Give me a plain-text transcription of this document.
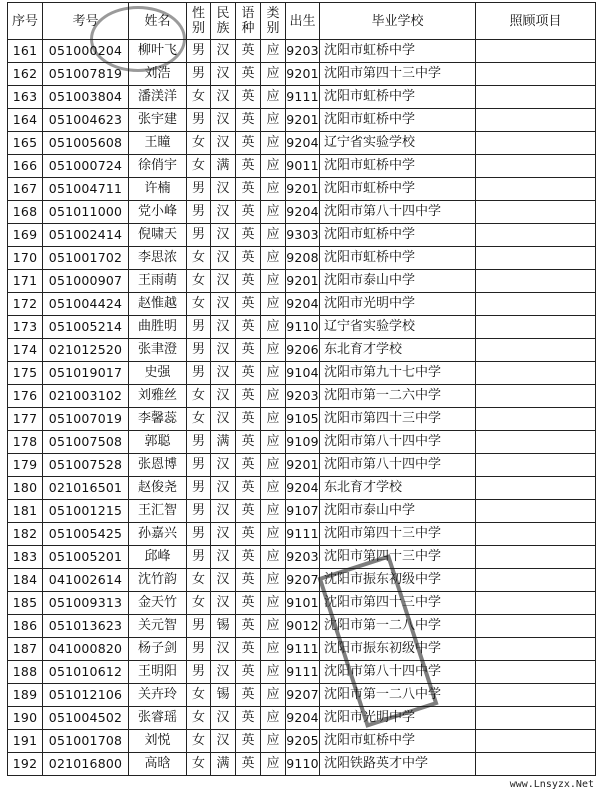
序号	考号	姓名	性别	民族	语种	类别	出生	毕业学校	照顾项目
161	051000204	柳叶飞	男	汉	英	应	9203	沈阳市虹桥中学	
162	051007819	刘浩	男	汉	英	应	9201	沈阳市第四十三中学	
163	051003804	潘渼洋	女	汉	英	应	9111	沈阳市虹桥中学	
164	051004623	张宇建	男	汉	英	应	9201	沈阳市虹桥中学	
165	051005608	王瞳	女	汉	英	应	9204	辽宁省实验学校	
166	051000724	徐俏宇	女	满	英	应	9011	沈阳市虹桥中学	
167	051004711	许楠	男	汉	英	应	9201	沈阳市虹桥中学	
168	051011000	党小峰	男	汉	英	应	9204	沈阳市第八十四中学	
169	051002414	倪啸天	男	汉	英	应	9303	沈阳市虹桥中学	
170	051001702	李思浓	女	汉	英	应	9208	沈阳市虹桥中学	
171	051000907	王雨萌	女	汉	英	应	9201	沈阳市泰山中学	
172	051004424	赵惟越	女	汉	英	应	9204	沈阳市光明中学	
173	051005214	曲胜明	男	汉	英	应	9110	辽宁省实验学校	
174	021012520	张聿澄	男	汉	英	应	9206	东北育才学校	
175	051019017	史强	男	汉	英	应	9104	沈阳市第九十七中学	
176	021003102	刘雅丝	女	汉	英	应	9203	沈阳市第一二六中学	
177	051007019	李馨蕊	女	汉	英	应	9105	沈阳市第四十三中学	
178	051007508	郭聪	男	满	英	应	9109	沈阳市第八十四中学	
179	051007528	张恩博	男	汉	英	应	9201	沈阳市第八十四中学	
180	021016501	赵俊尧	男	汉	英	应	9204	东北育才学校	
181	051001215	王汇智	男	汉	英	应	9107	沈阳市泰山中学	
182	051005425	孙嘉兴	男	汉	英	应	9111	沈阳市第四十三中学	
183	051005201	邱峰	男	汉	英	应	9203	沈阳市第四十三中学	
184	041002614	沈竹韵	女	汉	英	应	9207	沈阳市振东初级中学	
185	051009313	金天竹	女	汉	英	应	9101	沈阳市第四十三中学	
186	051013623	关元智	男	锡	英	应	9012	沈阳市第一二八中学	
187	041000820	杨子剑	男	汉	英	应	9111	沈阳市振东初级中学	
188	051010612	王明阳	男	汉	英	应	9111	沈阳市第八十四中学	
189	051012106	关卉玲	女	锡	英	应	9207	沈阳市第一二八中学	
190	051004502	张睿瑶	女	汉	英	应	9204	沈阳市光明中学	
191	051001708	刘悦	女	汉	英	应	9205	沈阳市虹桥中学	
192	021016800	高晗	女	满	英	应	9110	沈阳铁路英才中学	
www.Lnsyzx.Net
